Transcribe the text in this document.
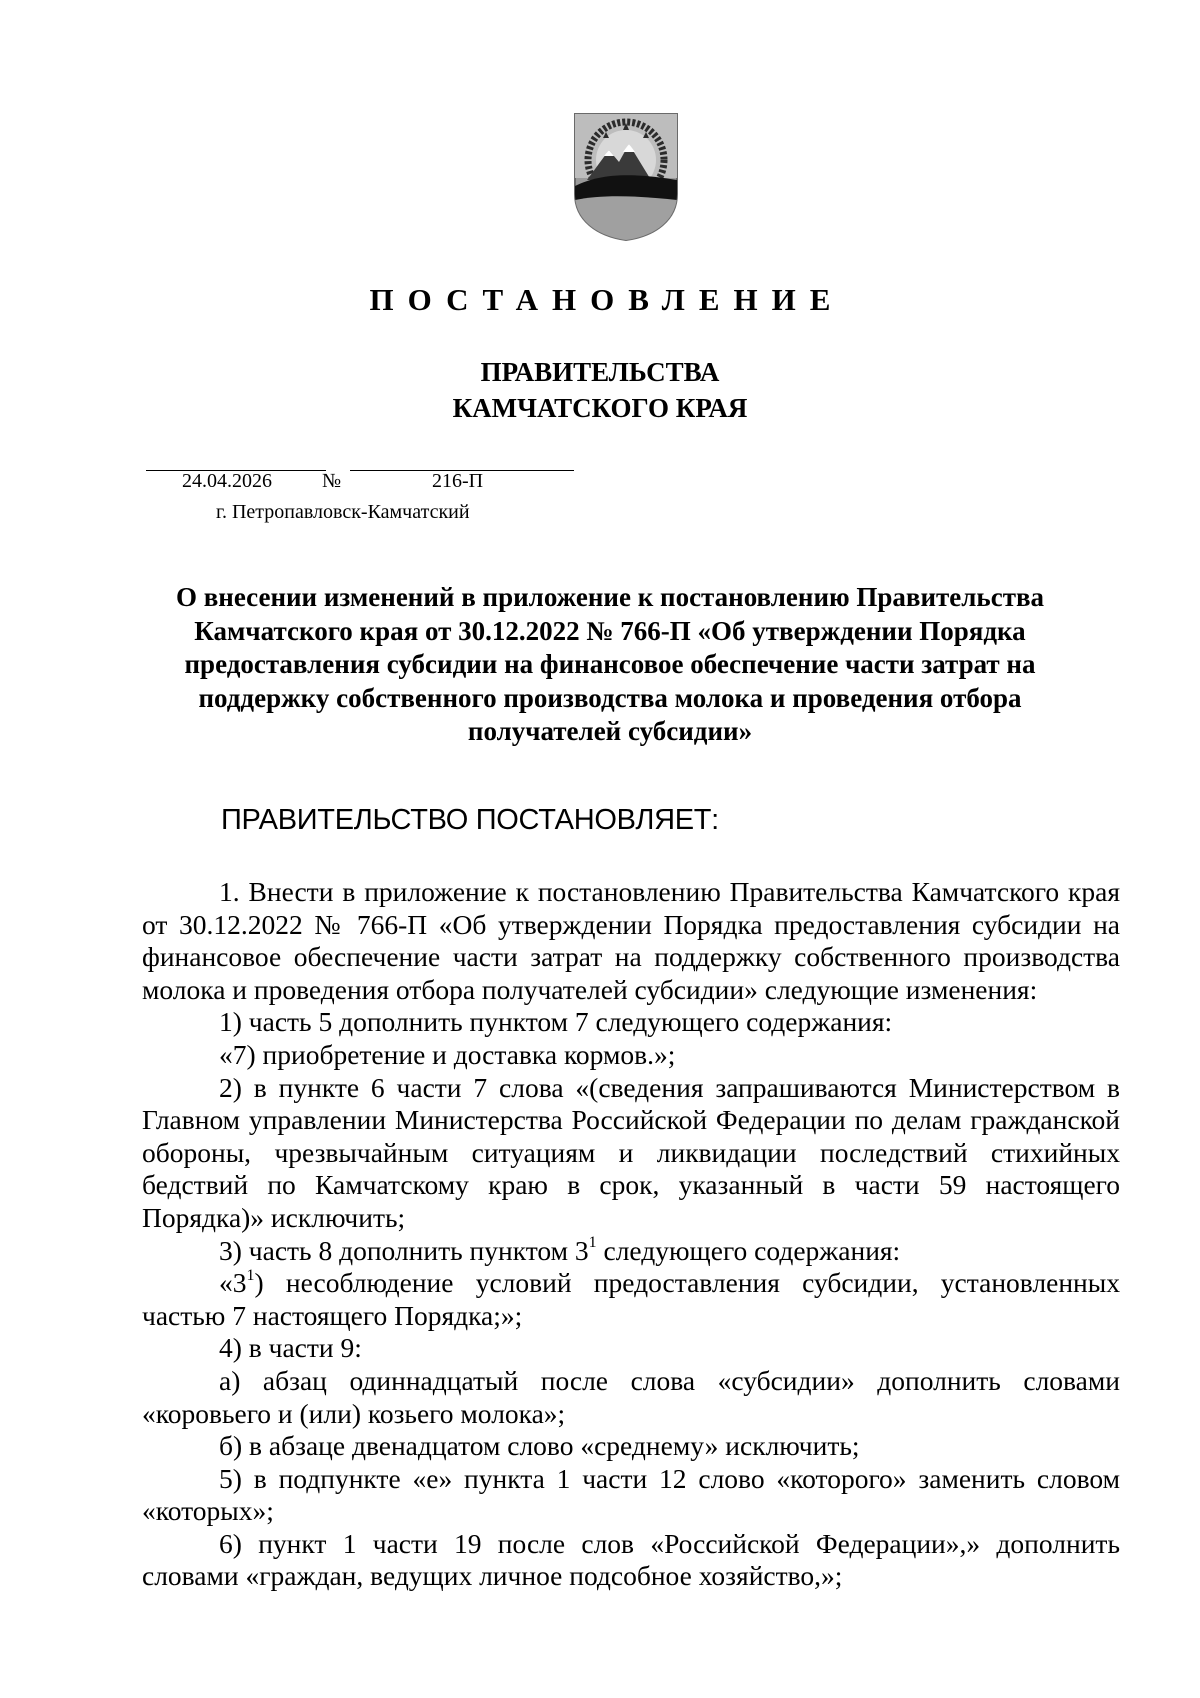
ПОСТАНОВЛЕНИЕ
ПРАВИТЕЛЬСТВА
КАМЧАТСКОГО КРАЯ
24.04.2026	№	216-П
г. Петропавловск-Камчатский
О внесении изменений в приложение к постановлению Правительства
Камчатского края от 30.12.2022 № 766-П «Об утверждении Порядка
предоставления субсидии на финансовое обеспечение части затрат на
поддержку собственного производства молока и проведения отбора
получателей субсидии»
ПРАВИТЕЛЬСТВО ПОСТАНОВЛЯЕТ:

1. Внести в приложение к постановлению Правительства Камчатского края от 30.12.2022 № 766-П «Об утверждении Порядка предоставления субсидии на финансовое обеспечение части затрат на поддержку собственного производства молока и проведения отбора получателей субсидии» следующие изменения:

1) часть 5 дополнить пунктом 7 следующего содержания:

«7) приобретение и доставка кормов.»;

2) в пункте 6 части 7 слова «(сведения запрашиваются Министерством в Главном управлении Министерства Российской Федерации по делам гражданской обороны, чрезвычайным ситуациям и ликвидации последствий стихийных бедствий по Камчатскому краю в срок, указанный в части 59 настоящего Порядка)» исключить;

3) часть 8 дополнить пунктом $3^1$ следующего содержания:

«$3^1$) несоблюдение условий предоставления субсидии, установленных частью 7 настоящего Порядка;»;

4) в части 9:

а) абзац одиннадцатый после слова «субсидии» дополнить словами «коровьего и (или) козьего молока»;

б) в абзаце двенадцатом слово «среднему» исключить;

5) в подпункте «е» пункта 1 части 12 слово «которого» заменить словом «которых»;

6) пункт 1 части 19 после слов «Российской Федерации»,» дополнить словами «граждан, ведущих личное подсобное хозяйство,»;
